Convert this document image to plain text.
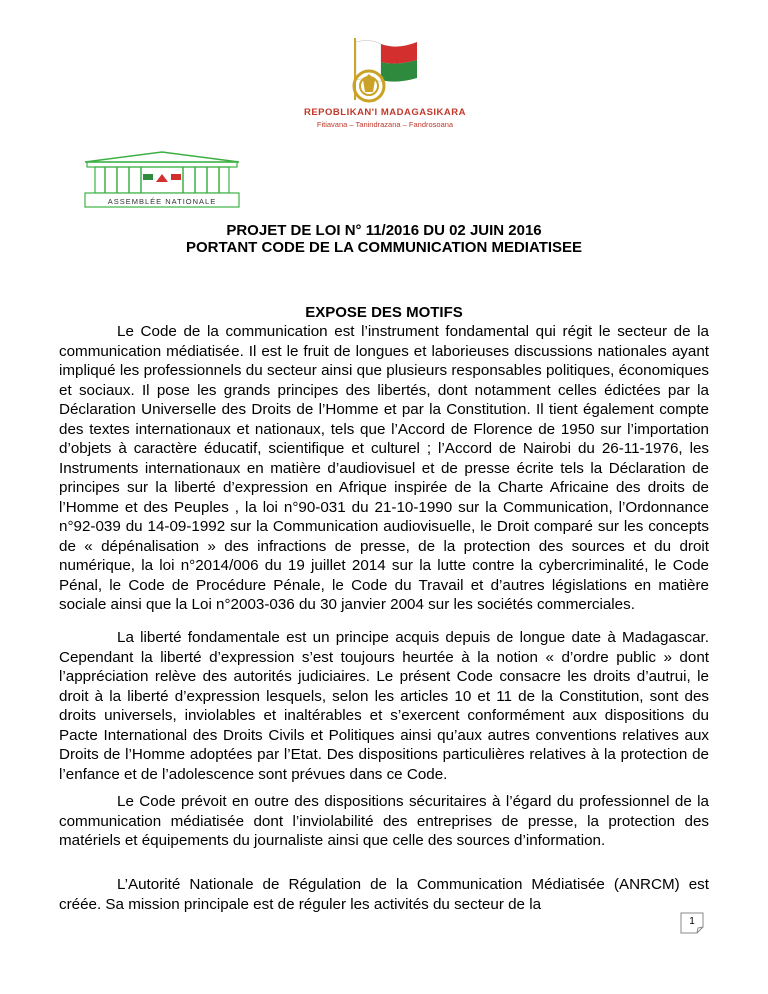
REPOBLIKAN'I MADAGASIKARA
Fitiavana – Tanindrazana – Fandrosoana
ASSEMBLÉE NATIONALE
PROJET DE LOI N° 11/2016 DU 02 JUIN 2016
PORTANT CODE DE LA COMMUNICATION MEDIATISEE
EXPOSE DES MOTIFS

Le Code de la communication est l’instrument fondamental qui régit le secteur de la communication médiatisée. Il est le fruit de longues et laborieuses discussions nationales ayant impliqué les professionnels du secteur ainsi que plusieurs responsables politiques, économiques et sociaux. Il pose les grands principes des libertés, dont notamment celles édictées par la Déclaration Universelle des Droits de l’Homme et par la Constitution. Il tient également compte des textes internationaux et nationaux, tels que l’Accord de Florence de 1950 sur l’importation d’objets à caractère éducatif, scientifique et culturel ; l’Accord de Nairobi du 26-11-1976, les Instruments internationaux en matière d’audiovisuel et de presse écrite tels la Déclaration de principes sur la liberté d’expression en Afrique inspirée de la Charte Africaine des droits de l’Homme et des Peuples , la loi n°90-031 du 21-10-1990 sur la Communication, l’Ordonnance n°92-039 du 14-09-1992 sur la Communication audiovisuelle, le Droit comparé sur les concepts de « dépénalisation » des infractions de presse, de la protection des sources et du droit numérique, la loi n°2014/006 du 19 juillet 2014 sur la lutte contre la cybercriminalité, le Code Pénal, le Code de Procédure Pénale, le Code du Travail et d’autres législations en matière sociale ainsi que la Loi n°2003-036 du 30 janvier 2004 sur les sociétés commerciales.

La liberté fondamentale est un principe acquis depuis de longue date à Madagascar. Cependant la liberté d’expression s’est toujours heurtée à la notion « d’ordre public » dont l’appréciation relève des autorités judiciaires. Le présent Code consacre les droits d’autrui, le droit à la liberté d’expression lesquels, selon les articles 10 et 11 de la Constitution, sont des droits universels, inviolables et inaltérables et s’exercent conformément aux dispositions du Pacte International des Droits Civils et Politiques ainsi qu’aux autres conventions relatives aux Droits de l’Homme adoptées par l’Etat. Des dispositions particulières relatives à la protection de l’enfance et de l’adolescence sont prévues dans ce Code.

Le Code prévoit en outre des dispositions sécuritaires à l’égard du professionnel de la communication médiatisée dont l’inviolabilité des entreprises de presse, la protection des matériels et équipements du journaliste ainsi que celle des sources d’information.

L’Autorité Nationale de Régulation de la Communication Médiatisée (ANRCM) est créée. Sa mission principale est de réguler les activités du secteur de la

1
